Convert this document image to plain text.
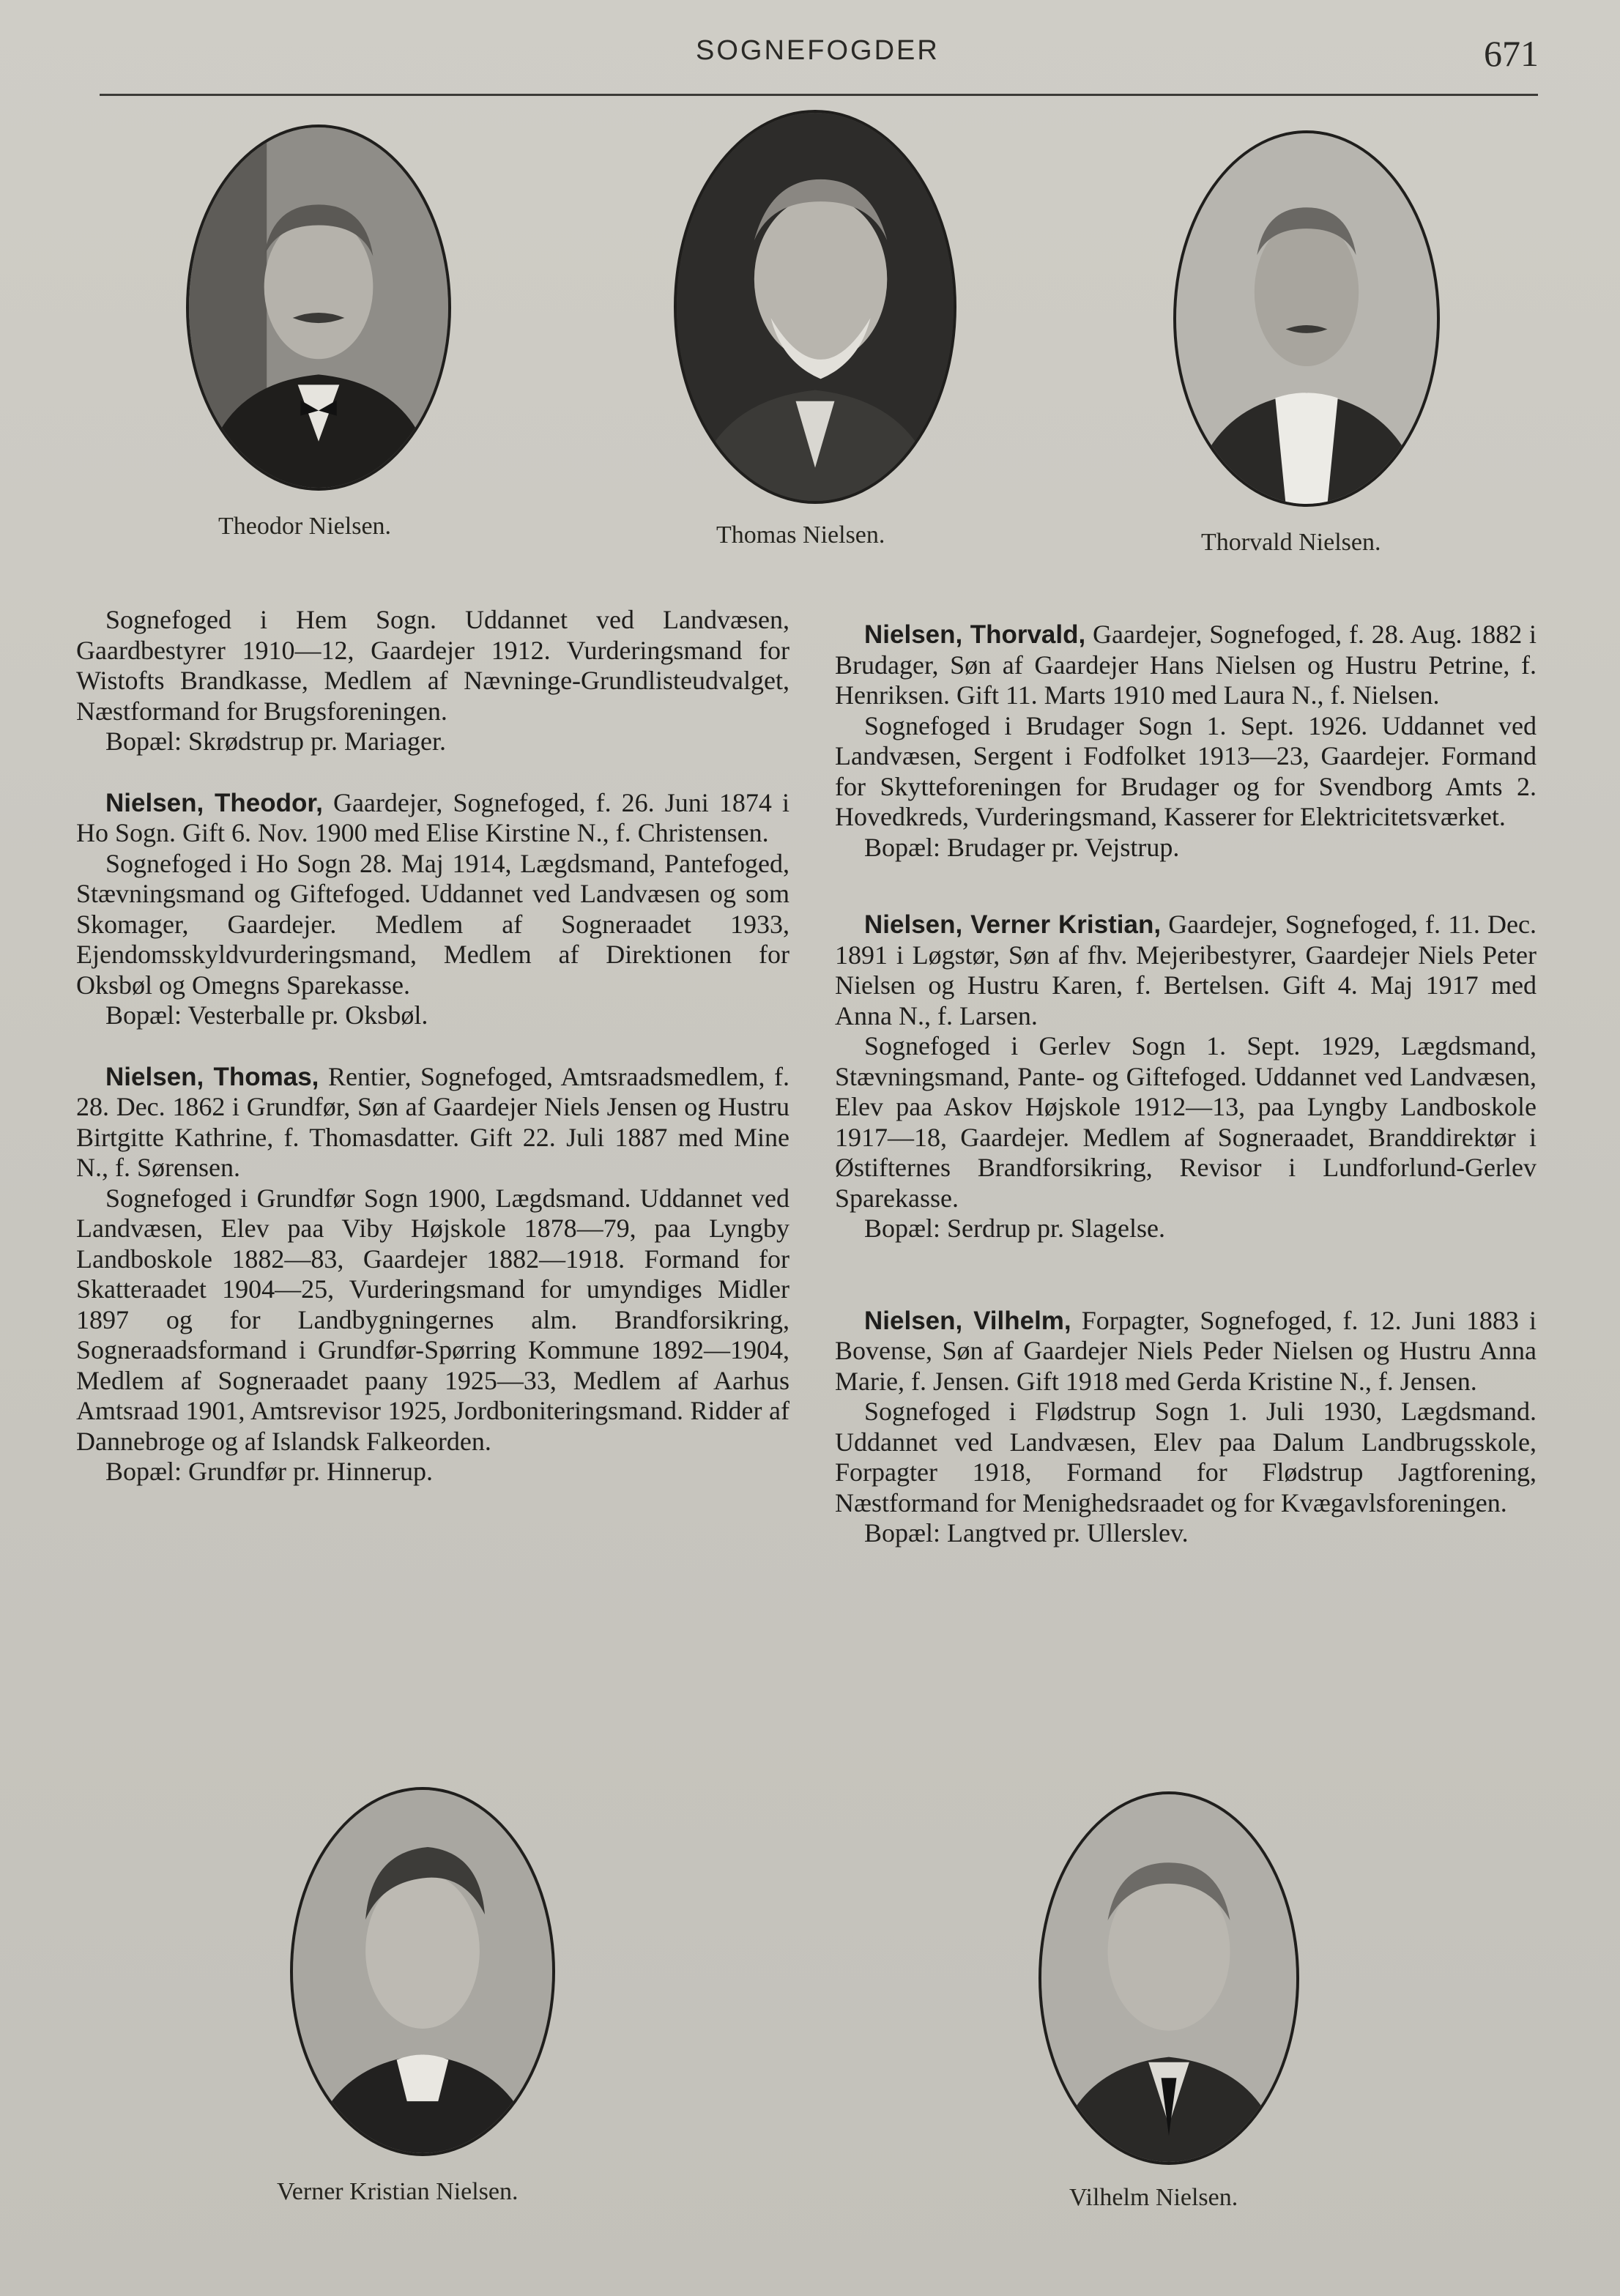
SOGNEFOGDER	671
Theodor Nielsen.	Thomas Nielsen.	Thorvald Nielsen.

Sognefoged i Hem Sogn. Uddannet ved Landvæsen, Gaardbestyrer 1910—12, Gaardejer 1912. Vurderingsmand for Wistofts Brandkasse, Medlem af Nævninge-Grundlisteudvalget, Næstformand for Brugsforeningen.

Bopæl: Skrødstrup pr. Mariager.

Nielsen, Theodor, Gaardejer, Sognefoged, f. 26. Juni 1874 i Ho Sogn. Gift 6. Nov. 1900 med Elise Kirstine N., f. Christensen.

Sognefoged i Ho Sogn 28. Maj 1914, Lægdsmand, Pantefoged, Stævningsmand og Giftefoged. Uddannet ved Landvæsen og som Skomager, Gaardejer. Medlem af Sogneraadet 1933, Ejendomsskyldvurderingsmand, Medlem af Direktionen for Oksbøl og Omegns Sparekasse.

Bopæl: Vesterballe pr. Oksbøl.

Nielsen, Thomas, Rentier, Sognefoged, Amtsraadsmedlem, f. 28. Dec. 1862 i Grundfør, Søn af Gaardejer Niels Jensen og Hustru Birtgitte Kathrine, f. Thomasdatter. Gift 22. Juli 1887 med Mine N., f. Sørensen.

Sognefoged i Grundfør Sogn 1900, Lægdsmand. Uddannet ved Landvæsen, Elev paa Viby Højskole 1878—79, paa Lyngby Landboskole 1882—83, Gaardejer 1882—1918. Formand for Skatteraadet 1904—25, Vurderingsmand for umyndiges Midler 1897 og for Landbygningernes alm. Brandforsikring, Sogneraadsformand i Grundfør-Spørring Kommune 1892—1904, Medlem af Sogneraadet paany 1925—33, Medlem af Aarhus Amtsraad 1901, Amtsrevisor 1925, Jordboniteringsmand. Ridder af Dannebroge og af Islandsk Falkeorden.

Bopæl: Grundfør pr. Hinnerup.

Nielsen, Thorvald, Gaardejer, Sognefoged, f. 28. Aug. 1882 i Brudager, Søn af Gaardejer Hans Nielsen og Hustru Petrine, f. Henriksen. Gift 11. Marts 1910 med Laura N., f. Nielsen.

Sognefoged i Brudager Sogn 1. Sept. 1926. Uddannet ved Landvæsen, Sergent i Fodfolket 1913—23, Gaardejer. Formand for Skytteforeningen for Brudager og for Svendborg Amts 2. Hovedkreds, Vurderingsmand, Kasserer for Elektricitetsværket.

Bopæl: Brudager pr. Vejstrup.

Nielsen, Verner Kristian, Gaardejer, Sognefoged, f. 11. Dec. 1891 i Løgstør, Søn af fhv. Mejeribestyrer, Gaardejer Niels Peter Nielsen og Hustru Karen, f. Bertelsen. Gift 4. Maj 1917 med Anna N., f. Larsen.

Sognefoged i Gerlev Sogn 1. Sept. 1929, Lægdsmand, Stævningsmand, Pante- og Giftefoged. Uddannet ved Landvæsen, Elev paa Askov Højskole 1912—13, paa Lyngby Landboskole 1917—18, Gaardejer. Medlem af Sogneraadet, Branddirektør i Østifternes Brandforsikring, Revisor i Lundforlund-Gerlev Sparekasse.

Bopæl: Serdrup pr. Slagelse.

Nielsen, Vilhelm, Forpagter, Sognefoged, f. 12. Juni 1883 i Bovense, Søn af Gaardejer Niels Peder Nielsen og Hustru Anna Marie, f. Jensen. Gift 1918 med Gerda Kristine N., f. Jensen.

Sognefoged i Flødstrup Sogn 1. Juli 1930, Lægdsmand. Uddannet ved Landvæsen, Elev paa Dalum Landbrugsskole, Forpagter 1918, Formand for Flødstrup Jagtforening, Næstformand for Menighedsraadet og for Kvægavlsforeningen.

Bopæl: Langtved pr. Ullerslev.

Verner Kristian Nielsen.	Vilhelm Nielsen.
